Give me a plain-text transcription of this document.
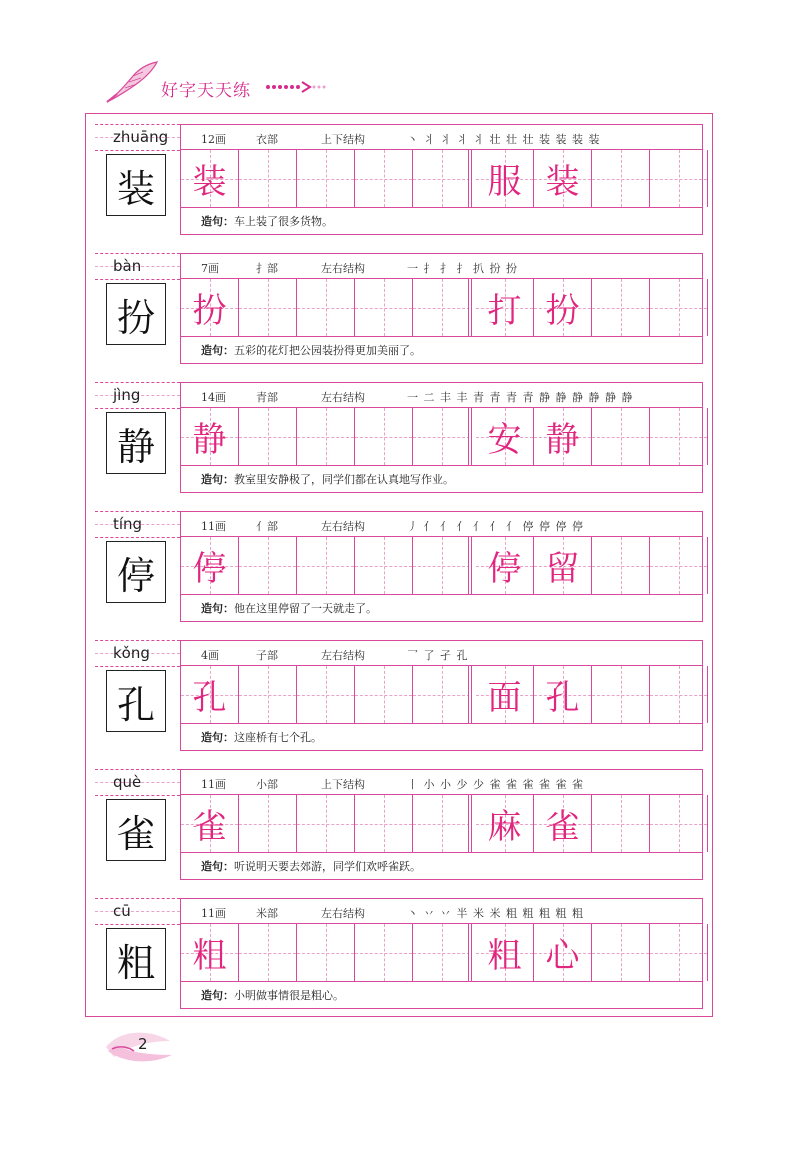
好字天天练
zhuāng
装
12画	衣部	上下结构	丶 丬 丬 丬 丬 壮 壮 壮 装 装 装 装
装	服 装
造句：车上装了很多货物。
bàn
扮
7画	扌部	左右结构	一 扌 扌 扌 扒 扮 扮
扮	打 扮
造句：五彩的花灯把公园装扮得更加美丽了。
jìng
静
14画	青部	左右结构	一 二 丰 丰 青 青 青 青 静 静 静 静 静 静
静	安 静
造句：教室里安静极了，同学们都在认真地写作业。
tíng
停
11画	亻部	左右结构	丿 亻 亻 亻 亻 亻 亻 停 停 停 停
停	停 留
造句：他在这里停留了一天就走了。
kǒng
孔
4画	子部	左右结构	乛 了 孑 孔
孔	面 孔
造句：这座桥有七个孔。
què
雀
11画	小部	上下结构	丨 小 小 少 少 雀 雀 雀 雀 雀 雀
雀	麻 雀
造句：听说明天要去郊游，同学们欢呼雀跃。
cū
粗
11画	米部	左右结构	丶 丷 丷 半 米 米 粗 粗 粗 粗 粗
粗	粗 心
造句：小明做事情很是粗心。
2
